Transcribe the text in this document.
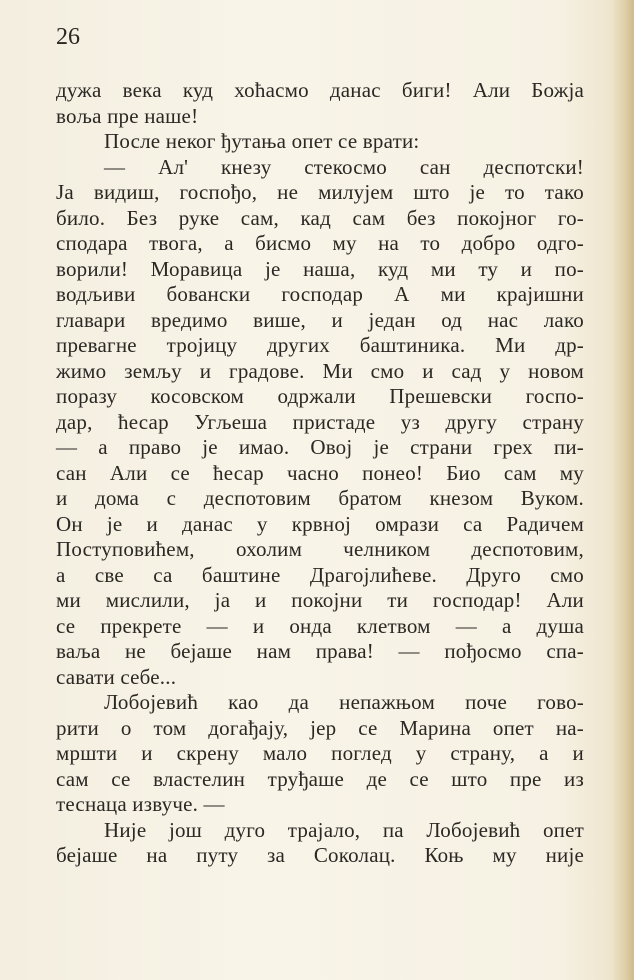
26
дужа века куд хоћасмо данас биги! Али Божја
воља пре наше!
После неког ђутања опет се врати:
— Ал' кнезу стекосмо сан деспотски!
Ја видиш, госпођо, не милујем што је то тако
било. Без руке сам, кад сам без покојног го-
сподара твога, а бисмо му на то добро одго-
ворили! Моравица је наша, куд ми ту и по-
водљиви бовански господар А ми крајишни
главари вредимо више, и један од нас лако
превагне тројицу других баштиника. Ми др-
жимо земљу и градове. Ми смо и сад у новом
поразу косовском одржали Прешевски госпо-
дар, ћесар Угљеша пристаде уз другу страну
— а право је имао. Овој је страни грех пи-
сан Али се ћесар часно понео! Био сам му
и дома с деспотовим братом кнезом Вуком.
Он је и данас у крвној омрази са Радичем
Поступовићем, охолим челником деспотовим,
а све са баштине Драгојлићеве. Друго смо
ми мислили, ја и покојни ти господар! Али
се прекрете — и онда клетвом — а душа
ваља не бејаше нам права! — пођосмо спа-
савати себе...
Лобојевић као да непажњом поче гово-
рити о том догађају, јер се Марина опет на-
мршти и скрену мало поглед у страну, а и
сам се властелин труђаше де се што пре из
теснаца извуче. —
Није још дуго трајало, па Лобојевић опет
бејаше на путу за Соколац. Коњ му није
